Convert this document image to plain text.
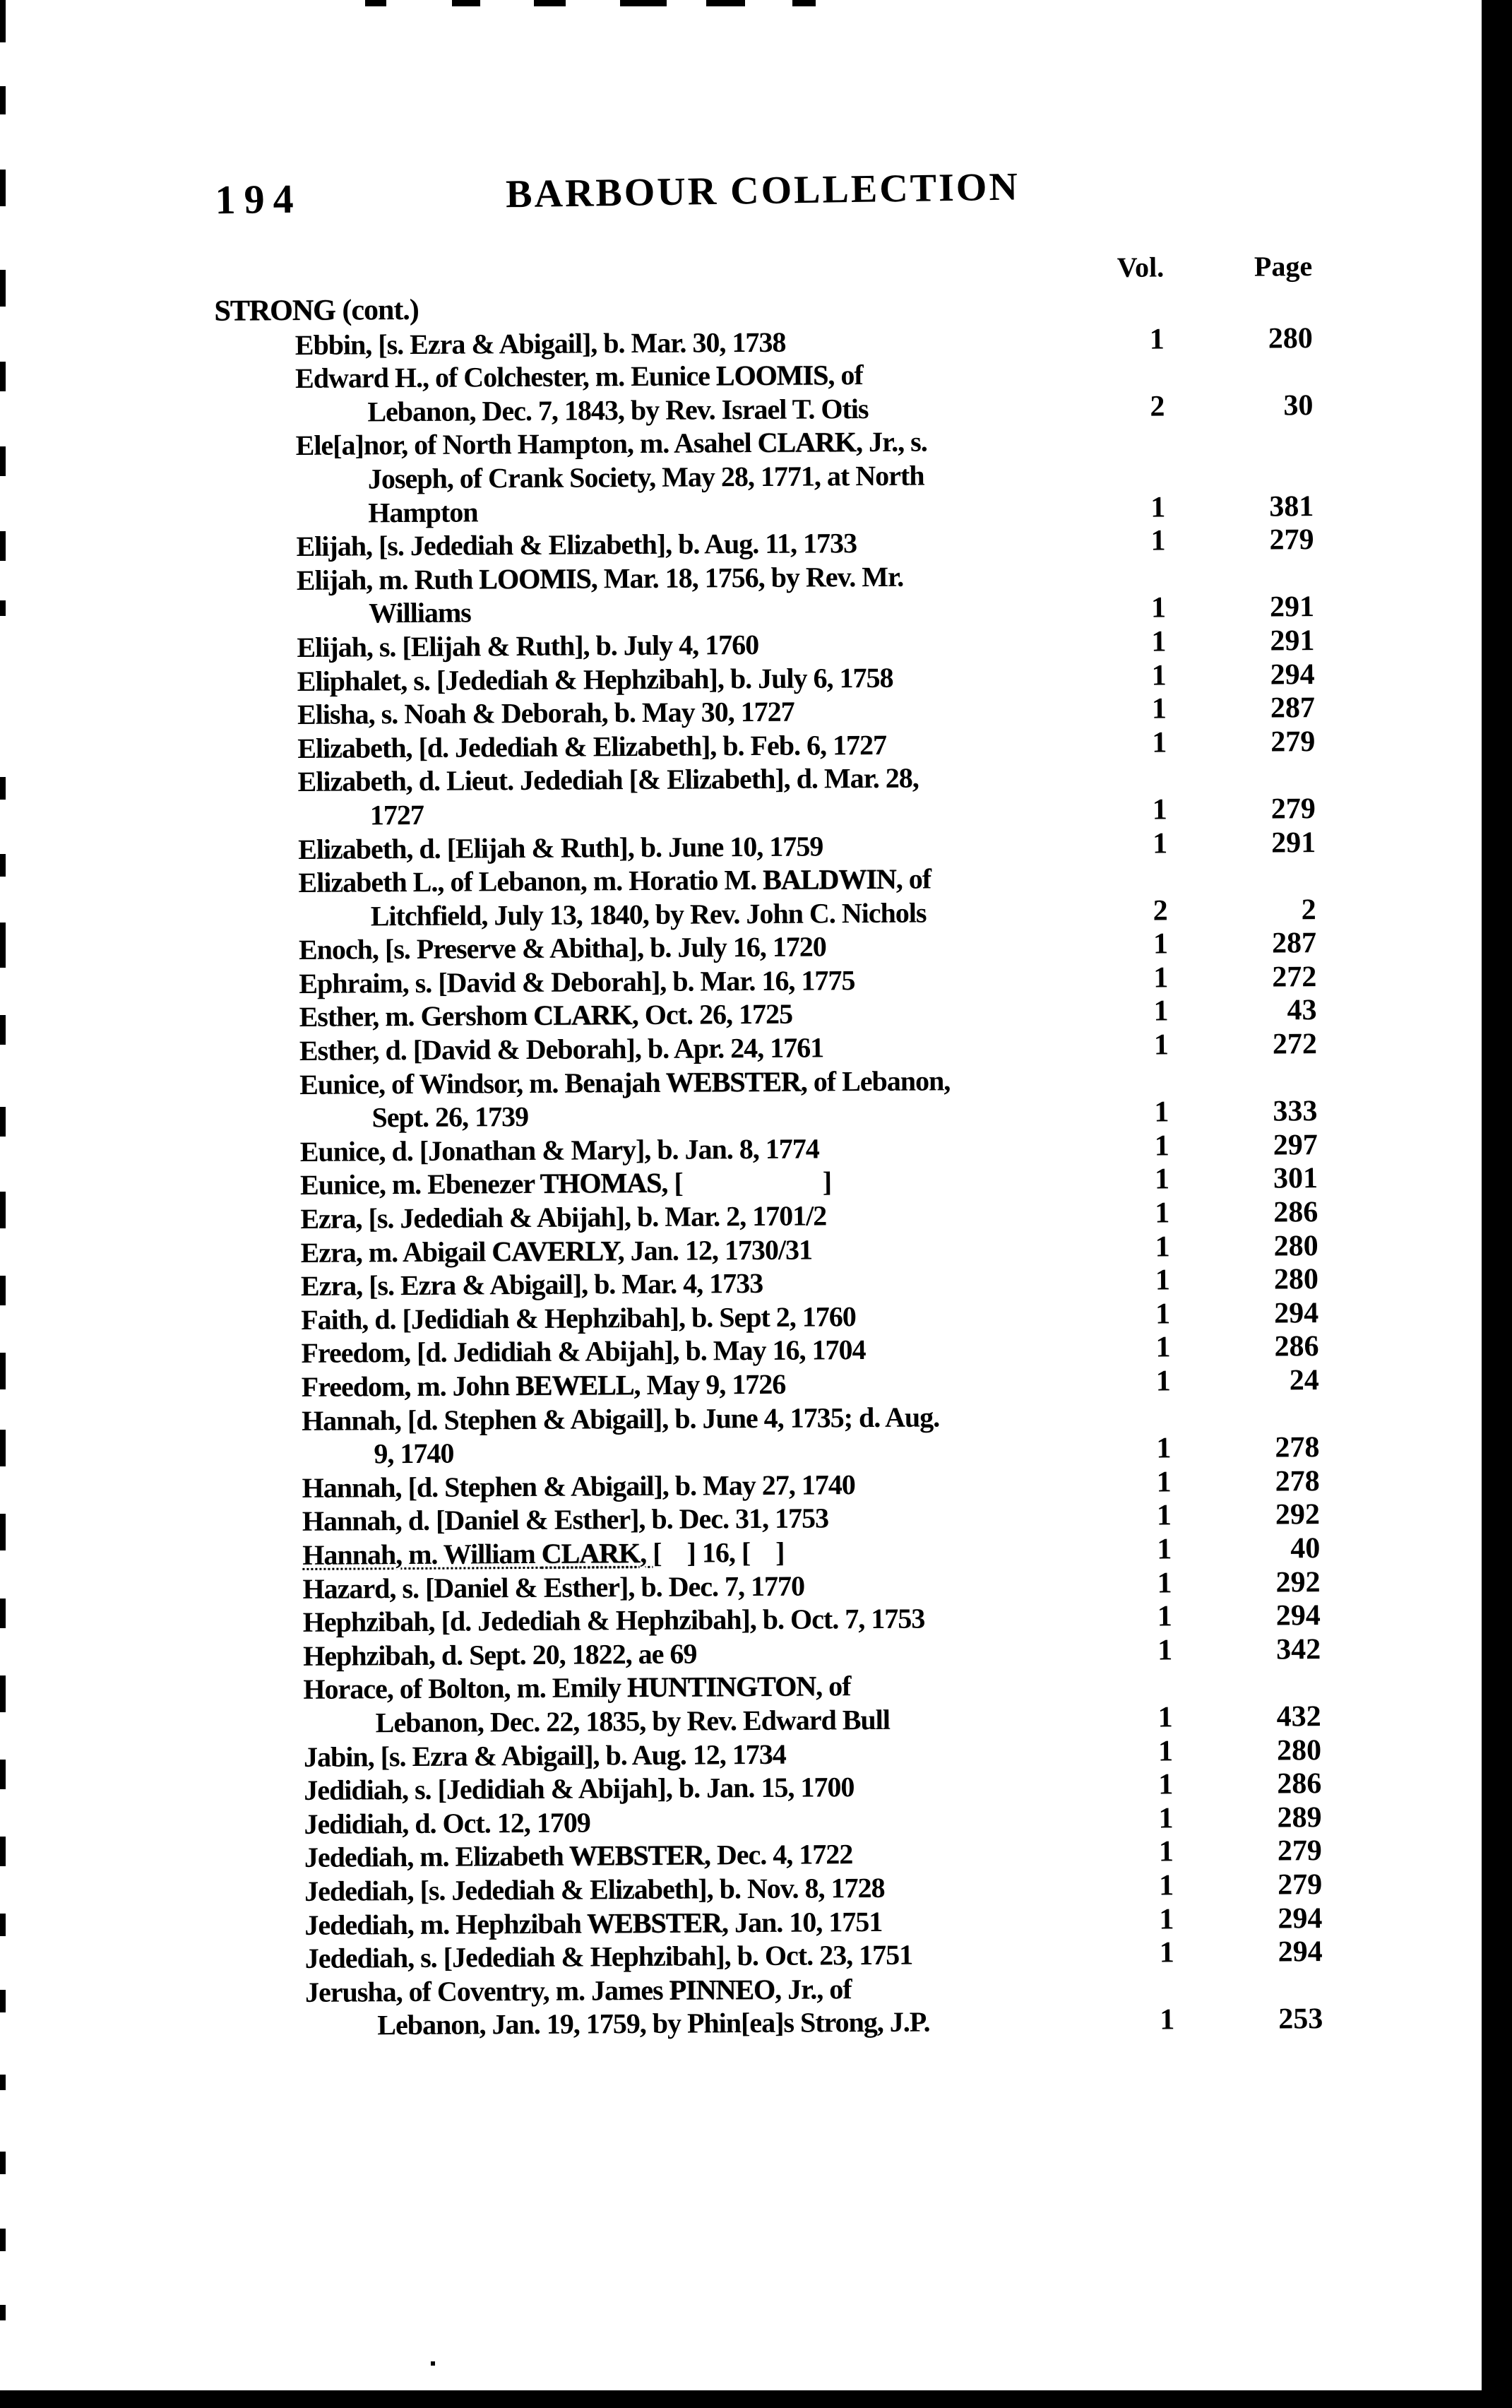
194	BARBOUR COLLECTION
Vol.	Page
STRONG (cont.)
Ebbin, [s. Ezra & Abigail], b. Mar. 30, 1738	1	280
Edward H., of Colchester, m. Eunice LOOMIS, of
Lebanon, Dec. 7, 1843, by Rev. Israel T. Otis	2	30
Ele[a]nor, of North Hampton, m. Asahel CLARK, Jr., s.
Joseph, of Crank Society, May 28, 1771, at North
Hampton	1	381
Elijah, [s. Jedediah & Elizabeth], b. Aug. 11, 1733	1	279
Elijah, m. Ruth LOOMIS, Mar. 18, 1756, by Rev. Mr.
Williams	1	291
Elijah, s. [Elijah & Ruth], b. July 4, 1760	1	291
Eliphalet, s. [Jedediah & Hephzibah], b. July 6, 1758	1	294
Elisha, s. Noah & Deborah, b. May 30, 1727	1	287
Elizabeth, [d. Jedediah & Elizabeth], b. Feb. 6, 1727	1	279
Elizabeth, d. Lieut. Jedediah [& Elizabeth], d. Mar. 28,
1727	1	279
Elizabeth, d. [Elijah & Ruth], b. June 10, 1759	1	291
Elizabeth L., of Lebanon, m. Horatio M. BALDWIN, of
Litchfield, July 13, 1840, by Rev. John C. Nichols	2	2
Enoch, [s. Preserve & Abitha], b. July 16, 1720	1	287
Ephraim, s. [David & Deborah], b. Mar. 16, 1775	1	272
Esther, m. Gershom CLARK, Oct. 26, 1725	1	43
Esther, d. [David & Deborah], b. Apr. 24, 1761	1	272
Eunice, of Windsor, m. Benajah WEBSTER, of Lebanon,
Sept. 26, 1739	1	333
Eunice, d. [Jonathan & Mary], b. Jan. 8, 1774	1	297
Eunice, m. Ebenezer THOMAS, [                      ]	1	301
Ezra, [s. Jedediah & Abijah], b. Mar. 2, 1701/2	1	286
Ezra, m. Abigail CAVERLY, Jan. 12, 1730/31	1	280
Ezra, [s. Ezra & Abigail], b. Mar. 4, 1733	1	280
Faith, d. [Jedidiah & Hephzibah], b. Sept 2, 1760	1	294
Freedom, [d. Jedidiah & Abijah], b. May 16, 1704	1	286
Freedom, m. John BEWELL, May 9, 1726	1	24
Hannah, [d. Stephen & Abigail], b. June 4, 1735; d. Aug.
9, 1740	1	278
Hannah, [d. Stephen & Abigail], b. May 27, 1740	1	278
Hannah, d. [Daniel & Esther], b. Dec. 31, 1753	1	292
Hannah, m. William CLARK, [    ] 16, [    ]	1	40
Hazard, s. [Daniel & Esther], b. Dec. 7, 1770	1	292
Hephzibah, [d. Jedediah & Hephzibah], b. Oct. 7, 1753	1	294
Hephzibah, d. Sept. 20, 1822, ae 69	1	342
Horace, of Bolton, m. Emily HUNTINGTON, of
Lebanon, Dec. 22, 1835, by Rev. Edward Bull	1	432
Jabin, [s. Ezra & Abigail], b. Aug. 12, 1734	1	280
Jedidiah, s. [Jedidiah & Abijah], b. Jan. 15, 1700	1	286
Jedidiah, d. Oct. 12, 1709	1	289
Jedediah, m. Elizabeth WEBSTER, Dec. 4, 1722	1	279
Jedediah, [s. Jedediah & Elizabeth], b. Nov. 8, 1728	1	279
Jedediah, m. Hephzibah WEBSTER, Jan. 10, 1751	1	294
Jedediah, s. [Jedediah & Hephzibah], b. Oct. 23, 1751	1	294
Jerusha, of Coventry, m. James PINNEO, Jr., of
Lebanon, Jan. 19, 1759, by Phin[ea]s Strong, J.P.	1	253
